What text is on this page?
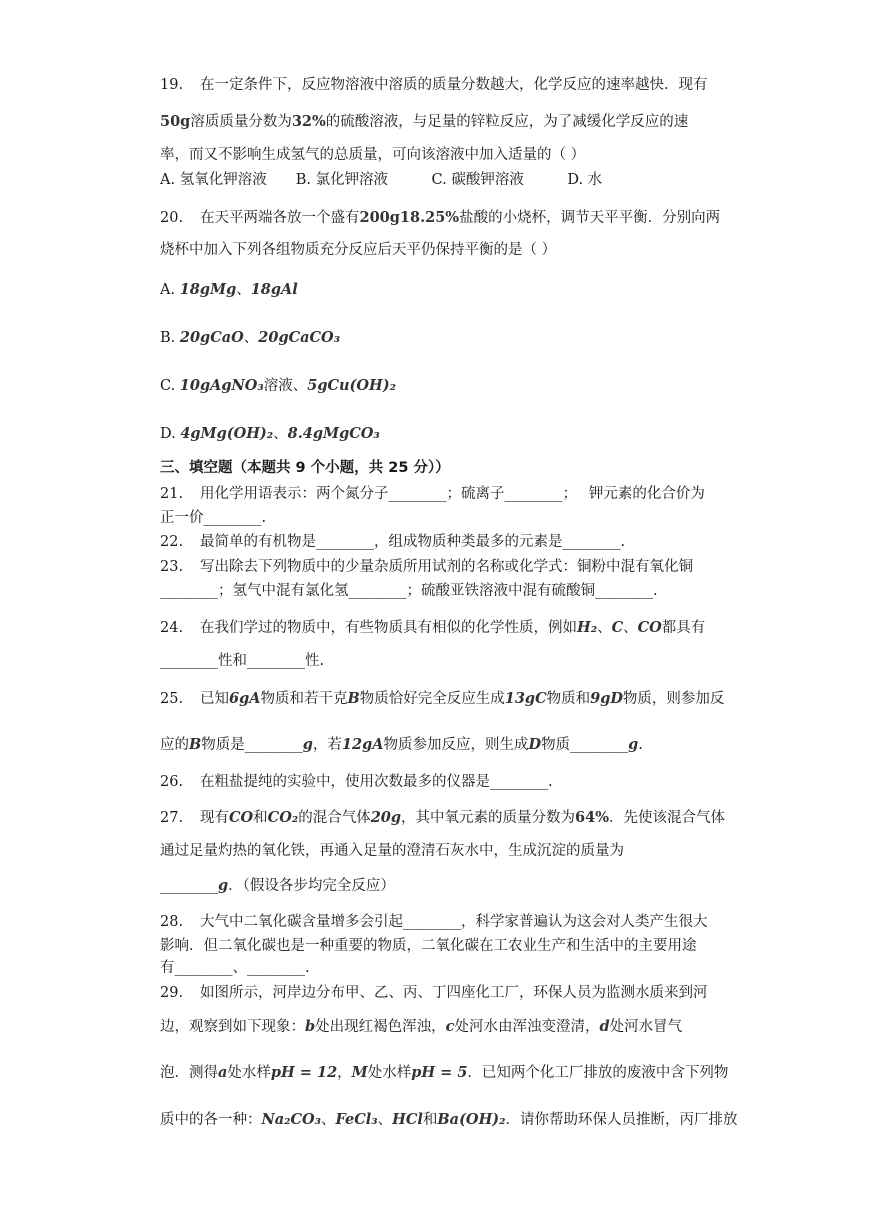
19. 在一定条件下，反应物溶液中溶质的质量分数越大，化学反应的速率越快．现有
50g溶质质量分数为32%的硫酸溶液，与足量的锌粒反应，为了减缓化学反应的速
率，而又不影响生成氢气的总质量，可向该溶液中加入适量的（ ）
A. 氢氧化钾溶液　　B. 氯化钾溶液　　　C. 碳酸钾溶液　　　D. 水
20. 在天平两端各放一个盛有200g18.25%盐酸的小烧杯，调节天平平衡．分别向两
烧杯中加入下列各组物质充分反应后天平仍保持平衡的是（ ）
A. 18gMg、18gAl
B. 20gCaO、20gCaCO₃
C. 10gAgNO₃溶液、5gCu(OH)₂
D. 4gMg(OH)₂、8.4gMgCO₃
三、填空题（本题共 9 个小题，共 25 分））
21. 用化学用语表示：两个氮分子________；硫离子________；　 钾元素的化合价为
正一价________.
22. 最简单的有机物是________，组成物质种类最多的元素是________.
23. 写出除去下列物质中的少量杂质所用试剂的名称或化学式：铜粉中混有氧化铜
________；氢气中混有氯化氢________；硫酸亚铁溶液中混有硫酸铜________.
24. 在我们学过的物质中，有些物质具有相似的化学性质，例如H₂、C、CO都具有
________性和________性.
25. 已知6gA物质和若干克B物质恰好完全反应生成13gC物质和9gD物质，则参加反
应的B物质是________g，若12gA物质参加反应，则生成D物质________g.
26. 在粗盐提纯的实验中，使用次数最多的仪器是________.
27. 现有CO和CO₂的混合气体20g，其中氧元素的质量分数为64%．先使该混合气体
通过足量灼热的氧化铁，再通入足量的澄清石灰水中，生成沉淀的质量为
________g．（假设各步均完全反应）
28. 大气中二氧化碳含量增多会引起________，科学家普遍认为这会对人类产生很大
影响．但二氧化碳也是一种重要的物质，二氧化碳在工农业生产和生活中的主要用途
有________、________.
29. 如图所示，河岸边分布甲、乙、丙、丁四座化工厂，环保人员为监测水质来到河
边，观察到如下现象：b处出现红褐色浑浊，c处河水由浑浊变澄清，d处河水冒气
泡．测得a处水样pH = 12，M处水样pH = 5．已知两个化工厂排放的废液中含下列物
质中的各一种：Na₂CO₃、FeCl₃、HCl和Ba(OH)₂．请你帮助环保人员推断，丙厂排放
